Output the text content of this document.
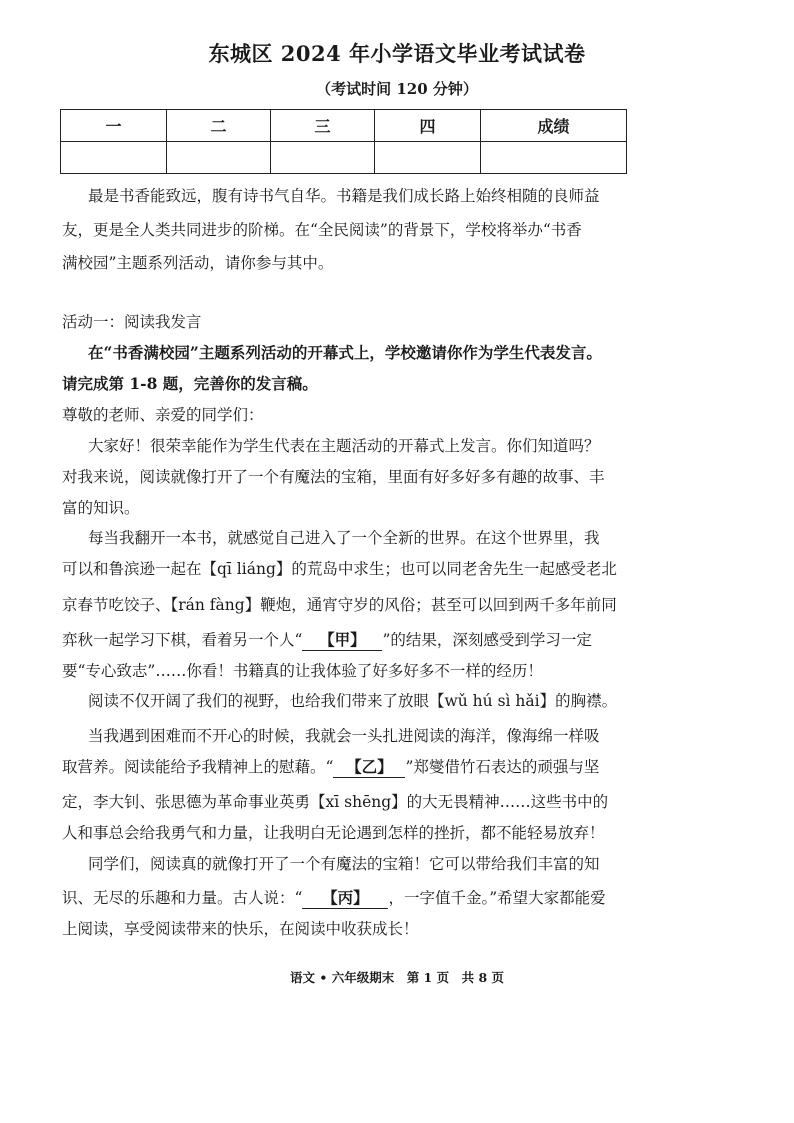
东城区 2024 年小学语文毕业考试试卷
（考试时间 120 分钟）
一	二	三	四	成绩

最是书香能致远，腹有诗书气自华。书籍是我们成长路上始终相随的良师益
友，更是全人类共同进步的阶梯。在“全民阅读”的背景下，学校将举办“书香
满校园”主题系列活动，请你参与其中。
活动一：阅读我发言
在“书香满校园”主题系列活动的开幕式上，学校邀请你作为学生代表发言。
请完成第 1-8 题，完善你的发言稿。
尊敬的老师、亲爱的同学们：
大家好！很荣幸能作为学生代表在主题活动的开幕式上发言。你们知道吗？
对我来说，阅读就像打开了一个有魔法的宝箱，里面有好多好多有趣的故事、丰
富的知识。
每当我翻开一本书，就感觉自己进入了一个全新的世界。在这个世界里，我
可以和鲁滨逊一起在【qī liáng】的荒岛中求生；也可以同老舍先生一起感受老北
京春节吃饺子、【rán fàng】鞭炮，通宵守岁的风俗；甚至可以回到两千多年前同
弈秋一起学习下棋，看着另一个人“ 【甲】 ”的结果，深刻感受到学习一定
要“专心致志”……你看！书籍真的让我体验了好多好多不一样的经历！
阅读不仅开阔了我们的视野，也给我们带来了放眼【wǔ hú sì hǎi】的胸襟。
当我遇到困难而不开心的时候，我就会一头扎进阅读的海洋，像海绵一样吸
取营养。阅读能给予我精神上的慰藉。“ 【乙】 ”郑燮借竹石表达的顽强与坚
定，李大钊、张思德为革命事业英勇【xī shēng】的大无畏精神……这些书中的
人和事总会给我勇气和力量，让我明白无论遇到怎样的挫折，都不能轻易放弃！
同学们，阅读真的就像打开了一个有魔法的宝箱！它可以带给我们丰富的知
识、无尽的乐趣和力量。古人说：“ 【丙】 ，一字值千金。”希望大家都能爱
上阅读，享受阅读带来的快乐，在阅读中收获成长！
语文 • 六年级期末　第 1 页　共 8 页
